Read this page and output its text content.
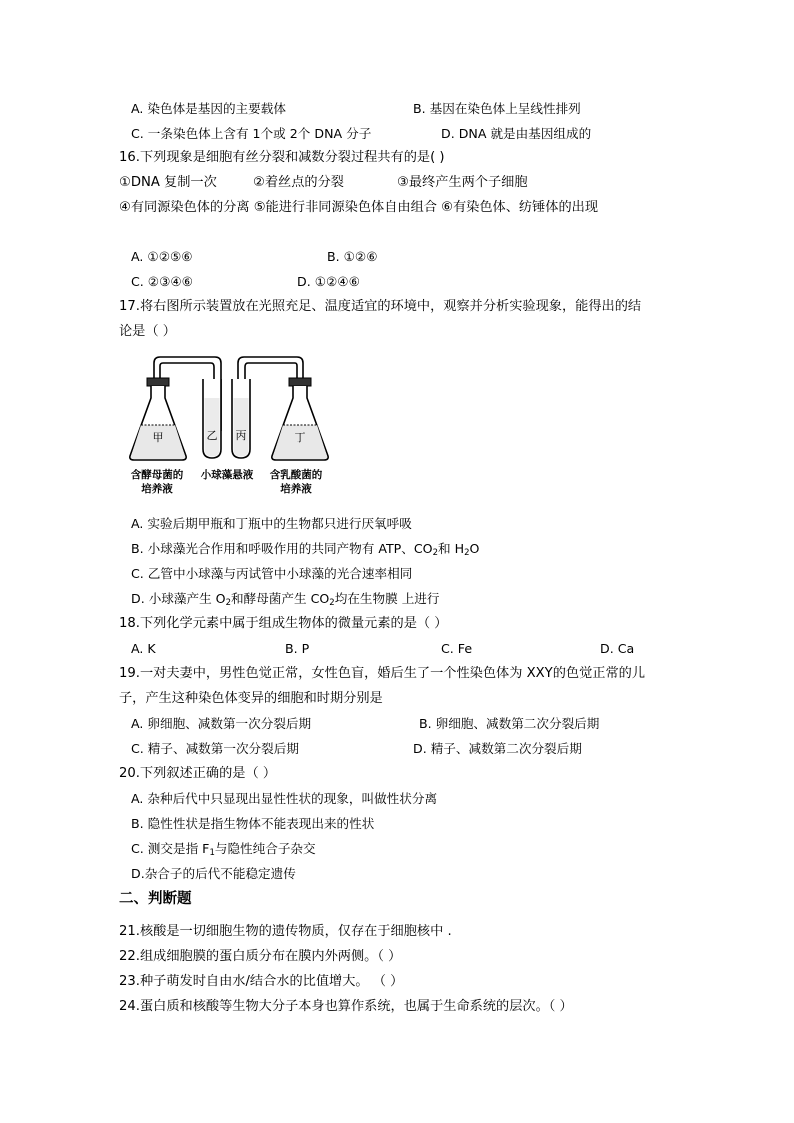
A. 染色体是基因的主要载体	B. 基因在染色体上呈线性排列
C. 一条染色体上含有 1个或 2个 DNA 分子	D. DNA 就是由基因组成的
16.下列现象是细胞有丝分裂和减数分裂过程共有的是( )
①DNA 复制一次	②着丝点的分裂	③最终产生两个子细胞
④有同源染色体的分离 ⑤能进行非同源染色体自由组合 ⑥有染色体、纺锤体的出现
A. ①②⑤⑥	B. ①②⑥
C. ②③④⑥	D. ①②④⑥
17.将右图所示装置放在光照充足、温度适宜的环境中，观察并分析实验现象，能得出的结
论是（ ）
甲	乙 丙	丁
含酵母菌的
培养液
小球藻悬液 含乳酸菌的
培养液
A. 实验后期甲瓶和丁瓶中的生物都只进行厌氧呼吸
B. 小球藻光合作用和呼吸作用的共同产物有 ATP、$CO_2$和 $H_2O$
C. 乙管中小球藻与丙试管中小球藻的光合速率相同
D. 小球藻产生 $O_2$和酵母菌产生 $CO_2$均在生物膜 上进行
18.下列化学元素中属于组成生物体的微量元素的是（ ）
A. K	B. P	C. Fe	D. Ca
19.一对夫妻中，男性色觉正常，女性色盲，婚后生了一个性染色体为 XXY的色觉正常的儿
子，产生这种染色体变异的细胞和时期分别是
A. 卵细胞、减数第一次分裂后期	B. 卵细胞、减数第二次分裂后期
C. 精子、减数第一次分裂后期	D. 精子、减数第二次分裂后期
20.下列叙述正确的是（ ）
A. 杂种后代中只显现出显性性状的现象，叫做性状分离
B. 隐性性状是指生物体不能表现出来的性状
C. 测交是指 $F_1$与隐性纯合子杂交
D.杂合子的后代不能稳定遗传
二、判断题
21.核酸是一切细胞生物的遗传物质，仅存在于细胞核中 .
22.组成细胞膜的蛋白质分布在膜内外两侧。（ ）
23.种子萌发时自由水/结合水的比值增大。 （ ）
24.蛋白质和核酸等生物大分子本身也算作系统，也属于生命系统的层次。（ ）
